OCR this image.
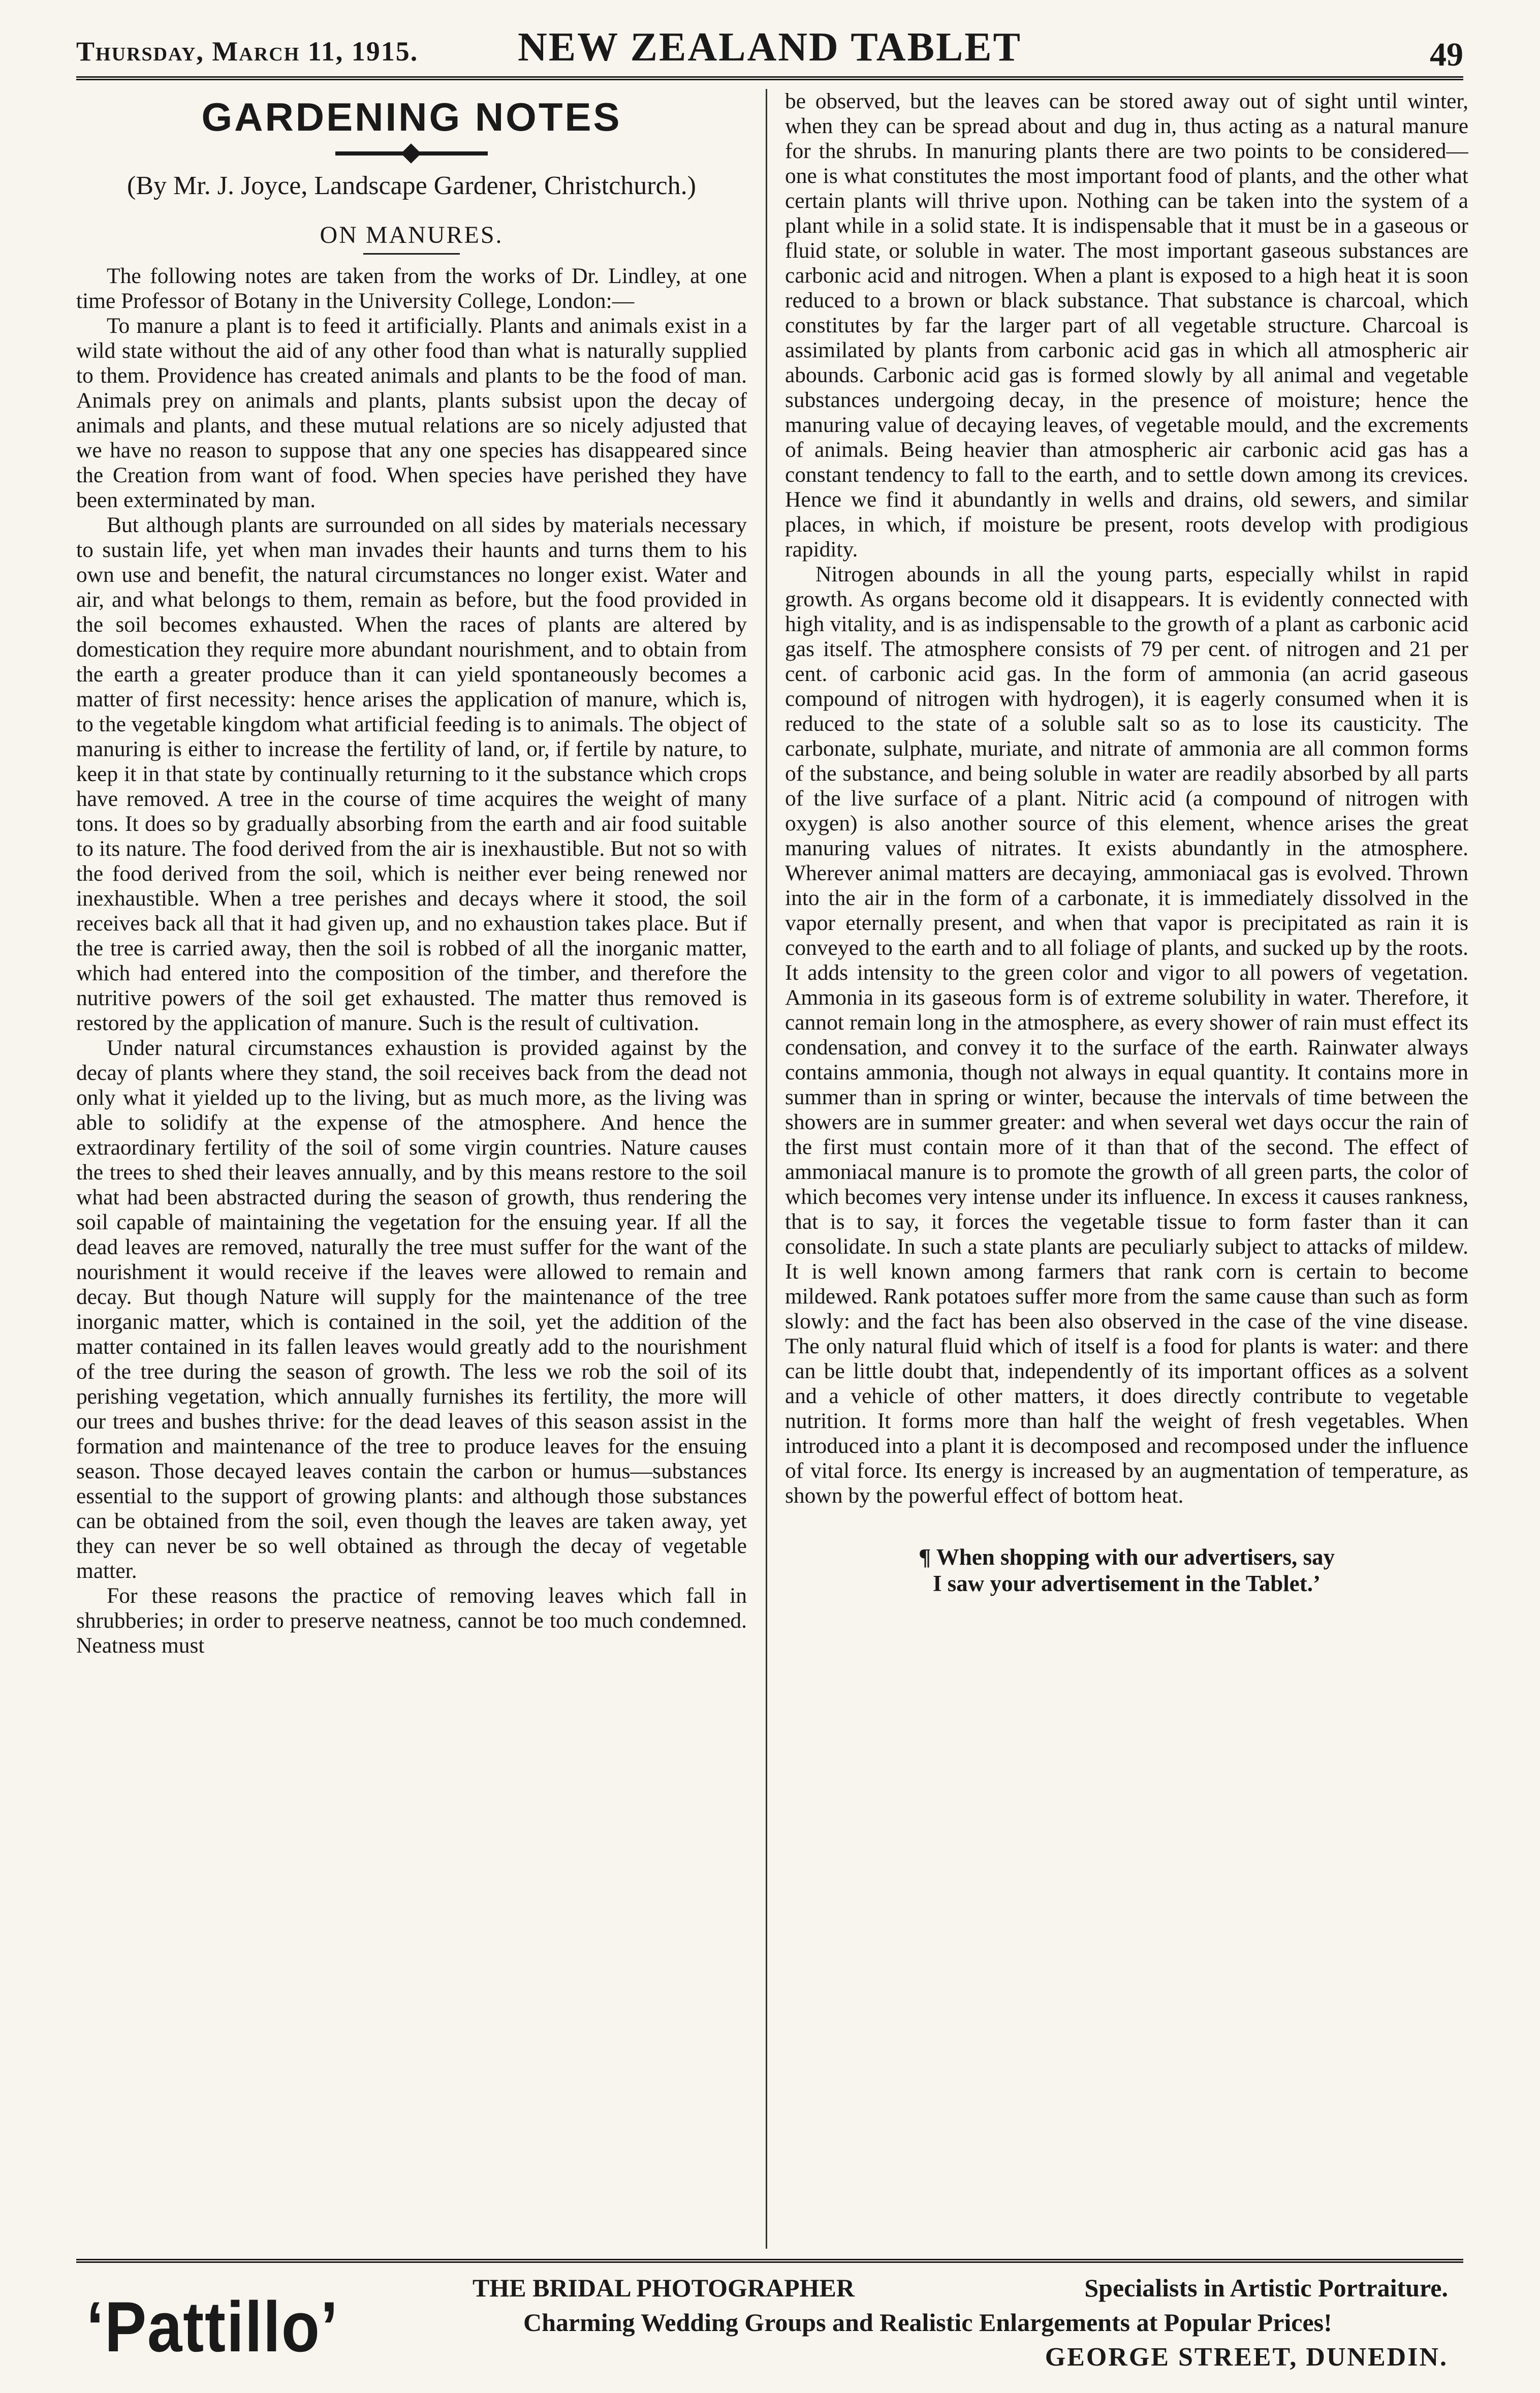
Thursday, March 11, 1915.	NEW ZEALAND TABLET	49
GARDENING NOTES
(By Mr. J. Joyce, Landscape Gardener, Christchurch.)
ON MANURES.

The following notes are taken from the works of Dr. Lindley, at one time Professor of Botany in the University College, London:—

To manure a plant is to feed it artificially. Plants and animals exist in a wild state without the aid of any other food than what is naturally supplied to them. Providence has created animals and plants to be the food of man. Animals prey on animals and plants, plants subsist upon the decay of animals and plants, and these mutual relations are so nicely adjusted that we have no reason to suppose that any one species has disappeared since the Creation from want of food. When species have perished they have been exterminated by man.

But although plants are surrounded on all sides by materials necessary to sustain life, yet when man invades their haunts and turns them to his own use and benefit, the natural circumstances no longer exist. Water and air, and what belongs to them, remain as before, but the food provided in the soil becomes exhausted. When the races of plants are altered by domestication they require more abundant nourishment, and to obtain from the earth a greater produce than it can yield spontaneously becomes a matter of first necessity: hence arises the application of manure, which is, to the vegetable kingdom what artificial feeding is to animals. The object of manuring is either to increase the fertility of land, or, if fertile by nature, to keep it in that state by continually returning to it the substance which crops have removed. A tree in the course of time acquires the weight of many tons. It does so by gradually absorbing from the earth and air food suitable to its nature. The food derived from the air is inexhaustible. But not so with the food derived from the soil, which is neither ever being renewed nor inexhaustible. When a tree perishes and decays where it stood, the soil receives back all that it had given up, and no exhaustion takes place. But if the tree is carried away, then the soil is robbed of all the inorganic matter, which had entered into the composition of the timber, and therefore the nutritive powers of the soil get exhausted. The matter thus removed is restored by the application of manure. Such is the result of cultivation.

Under natural circumstances exhaustion is provided against by the decay of plants where they stand, the soil receives back from the dead not only what it yielded up to the living, but as much more, as the living was able to solidify at the expense of the atmosphere. And hence the extraordinary fertility of the soil of some virgin countries. Nature causes the trees to shed their leaves annually, and by this means restore to the soil what had been abstracted during the season of growth, thus rendering the soil capable of maintaining the vegetation for the ensuing year. If all the dead leaves are removed, naturally the tree must suffer for the want of the nourishment it would receive if the leaves were allowed to remain and decay. But though Nature will supply for the maintenance of the tree inorganic matter, which is contained in the soil, yet the addition of the matter contained in its fallen leaves would greatly add to the nourishment of the tree during the season of growth. The less we rob the soil of its perishing vegetation, which annually furnishes its fertility, the more will our trees and bushes thrive: for the dead leaves of this season assist in the formation and maintenance of the tree to produce leaves for the ensuing season. Those decayed leaves contain the carbon or humus—substances essential to the support of growing plants: and although those substances can be obtained from the soil, even though the leaves are taken away, yet they can never be so well obtained as through the decay of vegetable matter.

For these reasons the practice of removing leaves which fall in shrubberies; in order to preserve neatness, cannot be too much condemned. Neatness must

be observed, but the leaves can be stored away out of sight until winter, when they can be spread about and dug in, thus acting as a natural manure for the shrubs. In manuring plants there are two points to be considered—one is what constitutes the most important food of plants, and the other what certain plants will thrive upon. Nothing can be taken into the system of a plant while in a solid state. It is indispensable that it must be in a gaseous or fluid state, or soluble in water. The most important gaseous substances are carbonic acid and nitrogen. When a plant is exposed to a high heat it is soon reduced to a brown or black substance. That substance is charcoal, which constitutes by far the larger part of all vegetable structure. Charcoal is assimilated by plants from carbonic acid gas in which all atmospheric air abounds. Carbonic acid gas is formed slowly by all animal and vegetable substances undergoing decay, in the presence of moisture; hence the manuring value of decaying leaves, of vegetable mould, and the excrements of animals. Being heavier than atmospheric air carbonic acid gas has a constant tendency to fall to the earth, and to settle down among its crevices. Hence we find it abundantly in wells and drains, old sewers, and similar places, in which, if moisture be present, roots develop with prodigious rapidity.

Nitrogen abounds in all the young parts, especially whilst in rapid growth. As organs become old it disappears. It is evidently connected with high vitality, and is as indispensable to the growth of a plant as carbonic acid gas itself. The atmosphere consists of 79 per cent. of nitrogen and 21 per cent. of carbonic acid gas. In the form of ammonia (an acrid gaseous compound of nitrogen with hydrogen), it is eagerly consumed when it is reduced to the state of a soluble salt so as to lose its causticity. The carbonate, sulphate, muriate, and nitrate of ammonia are all common forms of the substance, and being soluble in water are readily absorbed by all parts of the live surface of a plant. Nitric acid (a compound of nitrogen with oxygen) is also another source of this element, whence arises the great manuring values of nitrates. It exists abundantly in the atmosphere. Wherever animal matters are decaying, ammoniacal gas is evolved. Thrown into the air in the form of a carbonate, it is immediately dissolved in the vapor eternally present, and when that vapor is precipitated as rain it is conveyed to the earth and to all foliage of plants, and sucked up by the roots. It adds intensity to the green color and vigor to all powers of vegetation. Ammonia in its gaseous form is of extreme solubility in water. Therefore, it cannot remain long in the atmosphere, as every shower of rain must effect its condensation, and convey it to the surface of the earth. Rainwater always contains ammonia, though not always in equal quantity. It contains more in summer than in spring or winter, because the intervals of time between the showers are in summer greater: and when several wet days occur the rain of the first must contain more of it than that of the second. The effect of ammoniacal manure is to promote the growth of all green parts, the color of which becomes very intense under its influence. In excess it causes rankness, that is to say, it forces the vegetable tissue to form faster than it can consolidate. In such a state plants are peculiarly subject to attacks of mildew. It is well known among farmers that rank corn is certain to become mildewed. Rank potatoes suffer more from the same cause than such as form slowly: and the fact has been also observed in the case of the vine disease. The only natural fluid which of itself is a food for plants is water: and there can be little doubt that, independently of its important offices as a solvent and a vehicle of other matters, it does directly contribute to vegetable nutrition. It forms more than half the weight of fresh vegetables. When introduced into a plant it is decomposed and recomposed under the influence of vital force. Its energy is increased by an augmentation of temperature, as shown by the powerful effect of bottom heat.

¶ When shopping with our advertisers, say
I saw your advertisement in the Tablet.’
‘Pattillo’	THE BRIDAL PHOTOGRAPHER	Specialists in Artistic Portraiture.
Charming Wedding Groups and Realistic Enlargements at Popular Prices!
GEORGE STREET, DUNEDIN.
